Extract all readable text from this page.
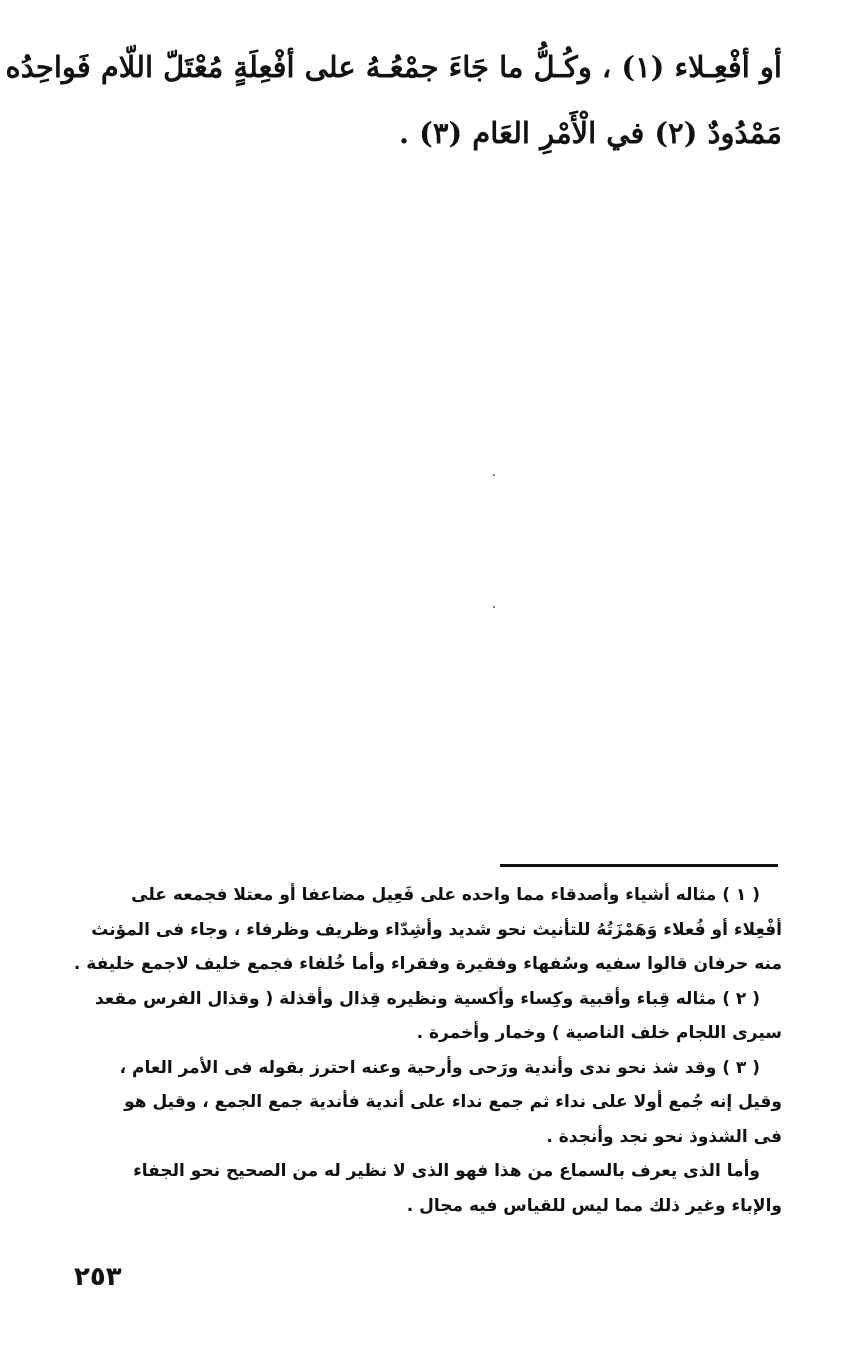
أو أفْعِـلاء (١) ، وكُـلُّ ما جَاءَ جمْعُـهُ على أفْعِلَةٍ مُعْتَلّ اللّام فَواحِدُه
مَمْدُودٌ (٢) في الْأَمْرِ العَام (٣) .
( ١ ) مثاله أشياء وأصدقاء مما واحده على فَعِيل مضاعفا أو معتلا فجمعه على
أفْعِلاء أو فُعلاء وَهَمْزَتُهُ للتأنيث نحو شديد وأشِدّاء وظريف وظرفاء ، وجاء فى المؤنث
منه حرفان قالوا سفيه وسُفهاء وفقيرة وفقراء وأما خُلفاء فجمع خليف لاجمع خليفة .
( ٢ ) مثاله قِباء وأقبية وكِساء وأكسية ونظيره قِذال وأقذلة ( وقذال الفرس مقعد
سيرى اللجام خلف الناصية ) وخمار وأخمرة .
( ٣ ) وقد شذ نحو ندى وأندية ورَحى وأرحية وعنه احترز بقوله فى الأمر العام ،
وقيل إنه جُمع أولا على نداء ثم جمع نداء على أندية فأندية جمع الجمع ، وقيل هو
فى الشذوذ نحو نجد وأنجدة .
وأما الذى يعرف بالسماع من هذا فهو الذى لا نظير له من الصحيح نحو الجفاء
والإباء وغير ذلك مما ليس للقياس فيه مجال .
٢٥٣
